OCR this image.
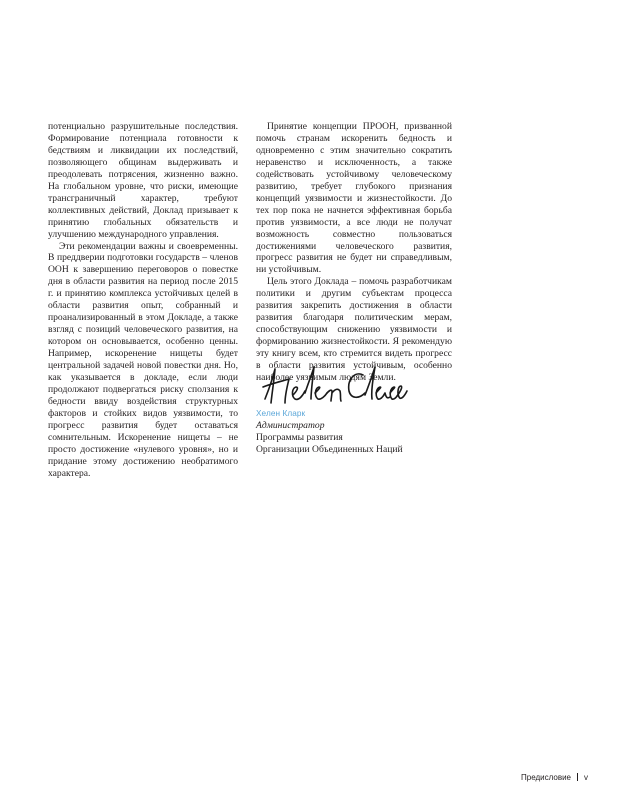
потенциально разрушительные последствия. Формирование потенциала готовности к бедствиям и ликвидации их последствий, позволяющего общинам выдерживать и преодолевать потрясения, жизненно важно. На глобальном уровне, что риски, имеющие трансграничный характер, требуют коллективных действий, Доклад призывает к принятию глобальных обязательств и улучшению международного управления.

Эти рекомендации важны и своевременны. В преддверии подготовки государств – членов ООН к завершению переговоров о повестке дня в области развития на период после 2015 г. и принятию комплекса устойчивых целей в области развития опыт, собранный и проанализированный в этом Докладе, а также взгляд с позиций человеческого развития, на котором он основывается, особенно ценны. Например, искоренение нищеты будет центральной задачей новой повестки дня. Но, как указывается в докладе, если люди продолжают подвергаться риску сползания к бедности ввиду воздействия структурных факторов и стойких видов уязвимости, то прогресс развития будет оставаться сомнительным. Искоренение нищеты – не просто достижение «нулевого уровня», но и придание этому достижению необратимого характера.

Принятие концепции ПРООН, призванной помочь странам искоренить бедность и одновременно с этим значительно сократить неравенство и исключенность, а также содействовать устойчивому человеческому развитию, требует глубокого признания концепций уязвимости и жизнестойкости. До тех пор пока не начнется эффективная борьба против уязвимости, а все люди не получат возможность совместно пользоваться достижениями человеческого развития, прогресс развития не будет ни справедливым, ни устойчивым.

Цель этого Доклада – помочь разработчикам политики и другим субъектам процесса развития закрепить достижения в области развития благодаря политическим мерам, способствующим снижению уязвимости и формированию жизнестойкости. Я рекомендую эту книгу всем, кто стремится видеть прогресс в области развития устойчивым, особенно наиболее уязвимым людям Земли.

Хелен Кларк
Администратор
Программы развития
Организации Объединенных Наций
Предисловие v
